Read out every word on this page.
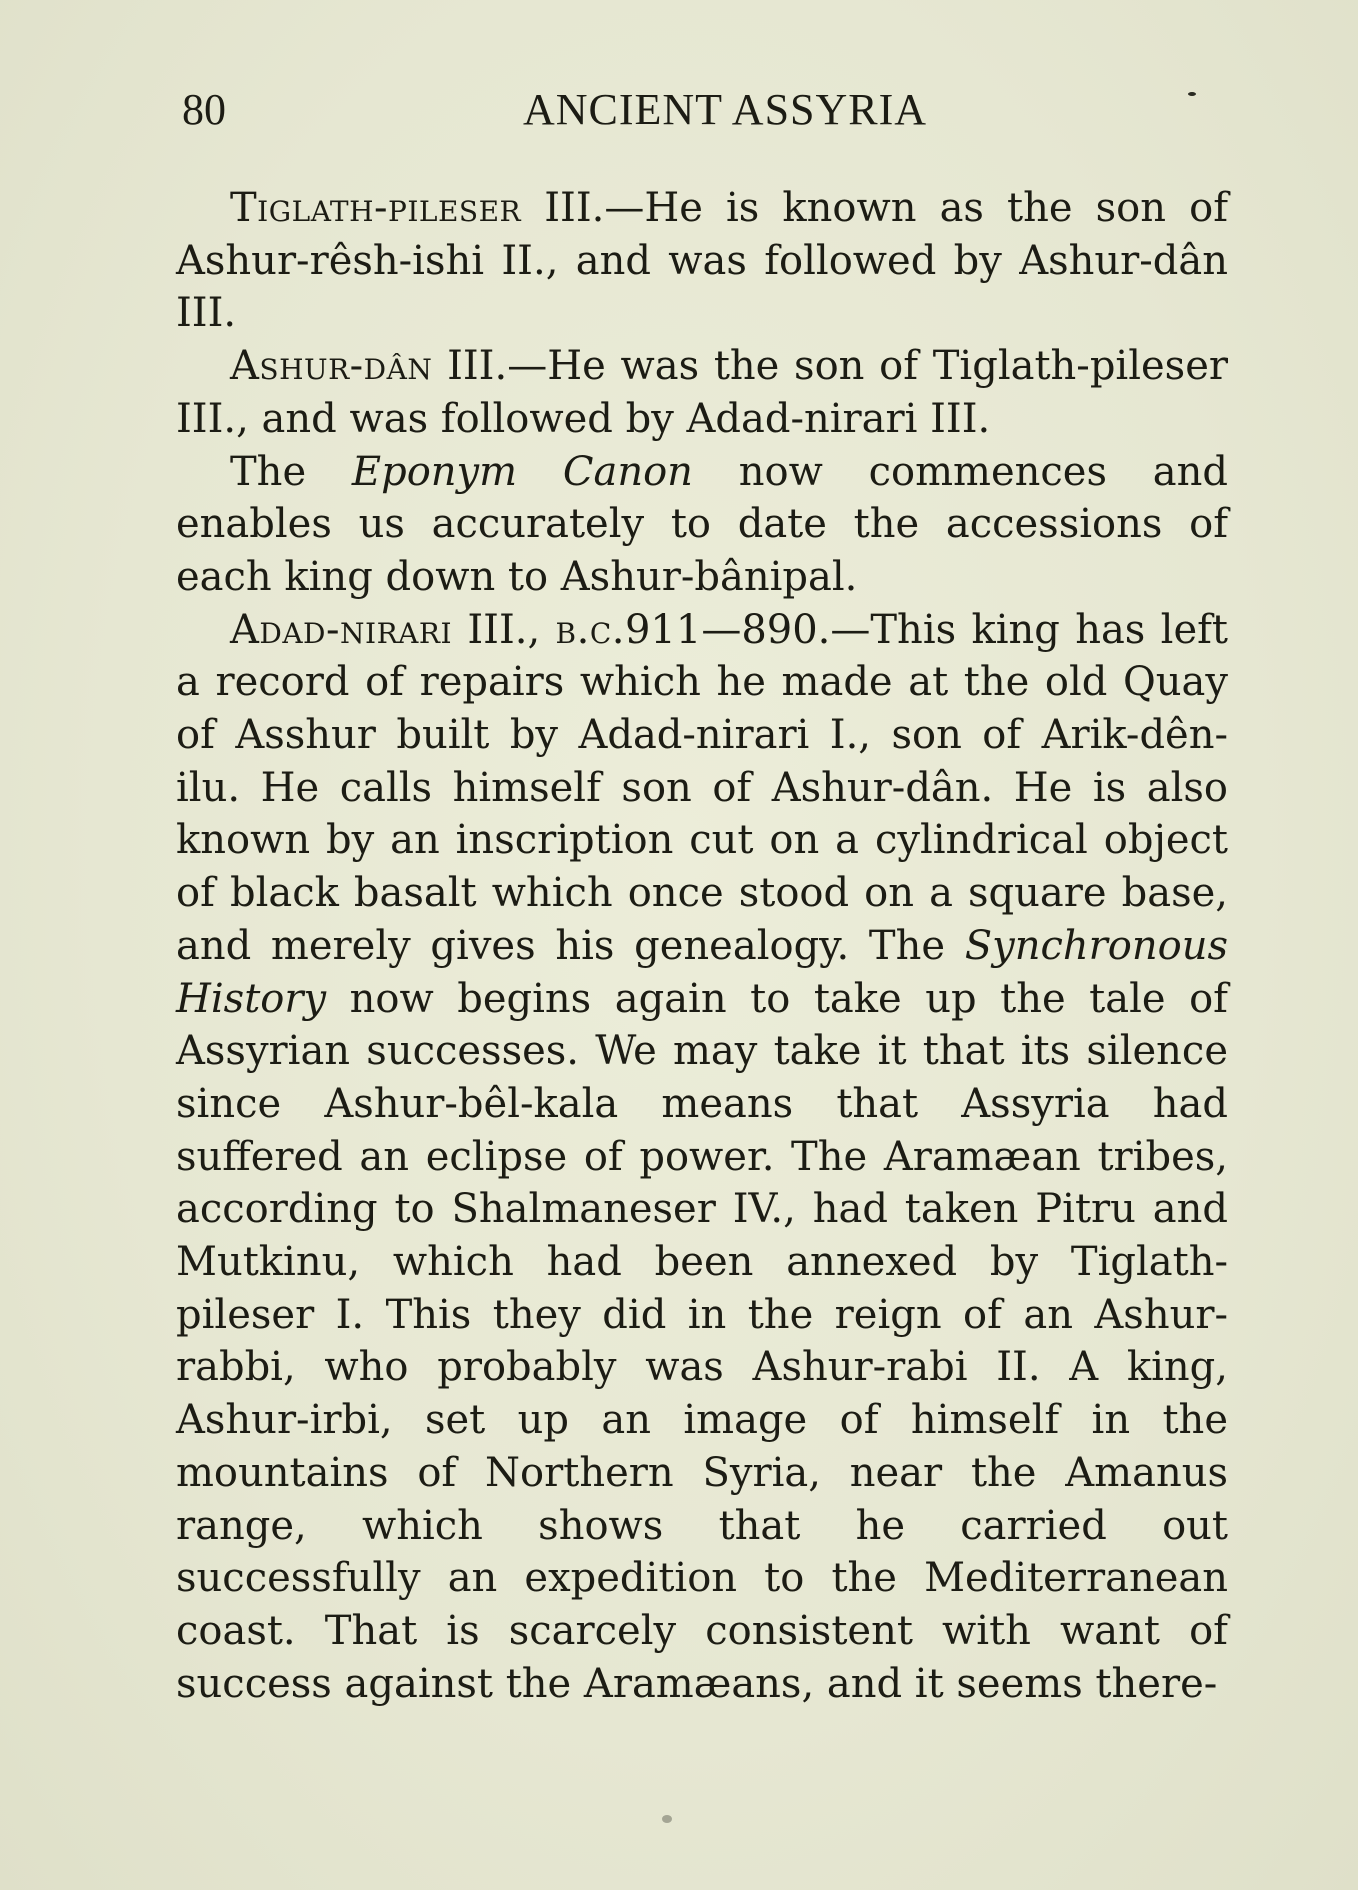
80	ANCIENT ASSYRIA

Tiglath-pileser III.—He is known as the son of Ashur-rêsh-ishi II., and was followed by Ashur-dân III.

Ashur-dân III.—He was the son of Tiglath-pileser III., and was followed by Adad-nirari III.

The Eponym Canon now commences and enables us accurately to date the accessions of each king down to Ashur-bânipal.

Adad-nirari III., b.c.911—890.—This king has left a record of repairs which he made at the old Quay of Asshur built by Adad-nirari I., son of Arik-dên-ilu. He calls himself son of Ashur-dân. He is also known by an inscription cut on a cylindrical object of black basalt which once stood on a square base, and merely gives his genealogy. The Synchronous History now begins again to take up the tale of Assyrian successes. We may take it that its silence since Ashur-bêl-kala means that Assyria had suffered an eclipse of power. The Aramæan tribes, according to Shalmaneser IV., had taken Pitru and Mutkinu, which had been annexed by Tiglath-pileser I. This they did in the reign of an Ashur-rabbi, who probably was Ashur-rabi II. A king, Ashur-irbi, set up an image of himself in the mountains of Northern Syria, near the Amanus range, which shows that he carried out successfully an expedition to the Mediterranean coast. That is scarcely consistent with want of success against the Aramæans, and it seems there-
